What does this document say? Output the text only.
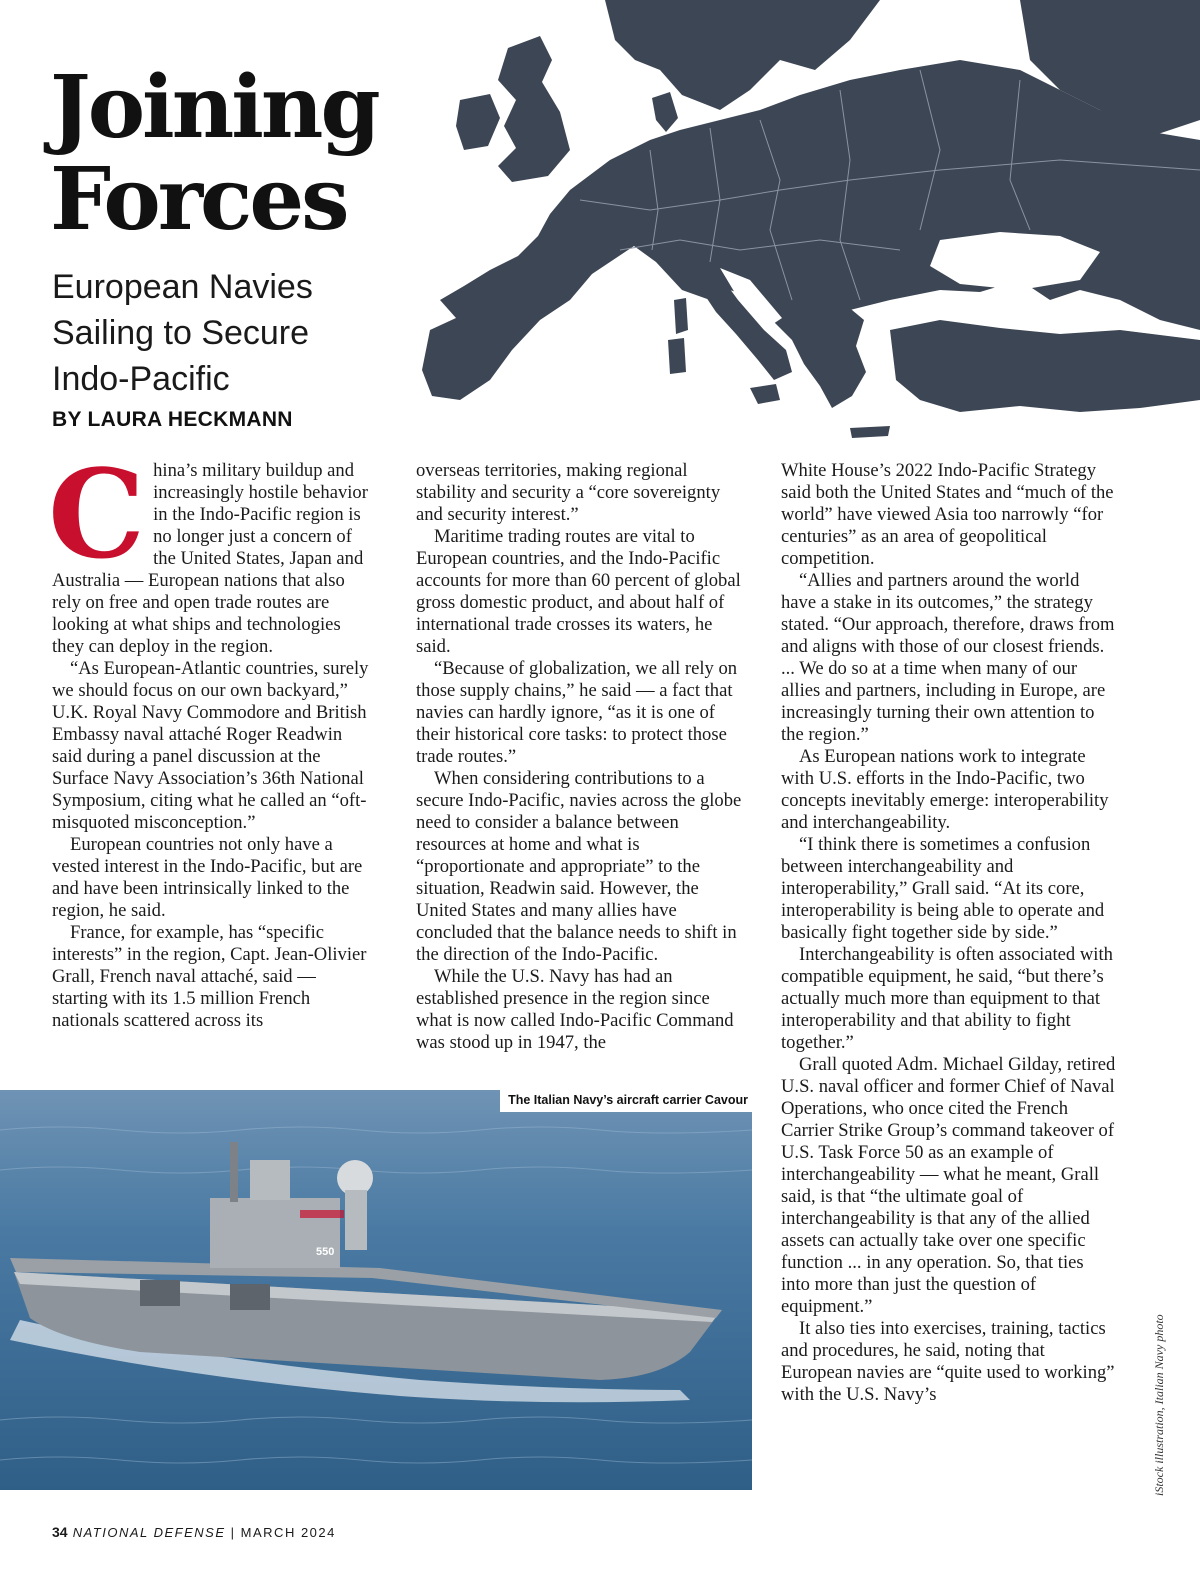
Joining
Forces
European Navies
Sailing to Secure
Indo-Pacific
BY LAURA HECKMANN

China’s military buildup and increasingly hostile behavior in the Indo-Pacific region is no longer just a concern of the United States, Japan and Australia — European nations that also rely on free and open trade routes are looking at what ships and technologies they can deploy in the region.

“As European-Atlantic countries, surely we should focus on our own backyard,” U.K. Royal Navy Commodore and British Embassy naval attaché Roger Readwin said during a panel discussion at the Surface Navy Association’s 36th National Symposium, citing what he called an “oft-misquoted misconception.”

European countries not only have a vested interest in the Indo-Pacific, but are and have been intrinsically linked to the region, he said.

France, for example, has “specific interests” in the region, Capt. Jean-Olivier Grall, French naval attaché, said — starting with its 1.5 million French nationals scattered across its

overseas territories, making regional stability and security a “core sovereignty and security interest.”

Maritime trading routes are vital to European countries, and the Indo-Pacific accounts for more than 60 percent of global gross domestic product, and about half of international trade crosses its waters, he said.

“Because of globalization, we all rely on those supply chains,” he said — a fact that navies can hardly ignore, “as it is one of their historical core tasks: to protect those trade routes.”

When considering contributions to a secure Indo-Pacific, navies across the globe need to consider a balance between resources at home and what is “proportionate and appropriate” to the situation, Readwin said. However, the United States and many allies have concluded that the balance needs to shift in the direction of the Indo-Pacific.

While the U.S. Navy has had an established presence in the region since what is now called Indo-Pacific Command was stood up in 1947, the

White House’s 2022 Indo-Pacific Strategy said both the United States and “much of the world” have viewed Asia too narrowly “for centuries” as an area of geopolitical competition.

“Allies and partners around the world have a stake in its outcomes,” the strategy stated. “Our approach, therefore, draws from and aligns with those of our closest friends. ... We do so at a time when many of our allies and partners, including in Europe, are increasingly turning their own attention to the region.”

As European nations work to integrate with U.S. efforts in the Indo-Pacific, two concepts inevitably emerge: interoperability and interchangeability.

“I think there is sometimes a confusion between interchangeability and interoperability,” Grall said. “At its core, interoperability is being able to operate and basically fight together side by side.”

Interchangeability is often associated with compatible equipment, he said, “but there’s actually much more than equipment to that interoperability and that ability to fight together.”

Grall quoted Adm. Michael Gilday, retired U.S. naval officer and former Chief of Naval Operations, who once cited the French Carrier Strike Group’s command takeover of U.S. Task Force 50 as an example of interchangeability — what he meant, Grall said, is that “the ultimate goal of interchangeability is that any of the allied assets can actually take over one specific function ... in any operation. So, that ties into more than just the question of equipment.”

It also ties into exercises, training, tactics and procedures, he said, noting that European navies are “quite used to working” with the U.S. Navy’s

550
The Italian Navy’s aircraft carrier Cavour
iStock illustration, Italian Navy photo
34 NATIONAL DEFENSE | MARCH 2024
